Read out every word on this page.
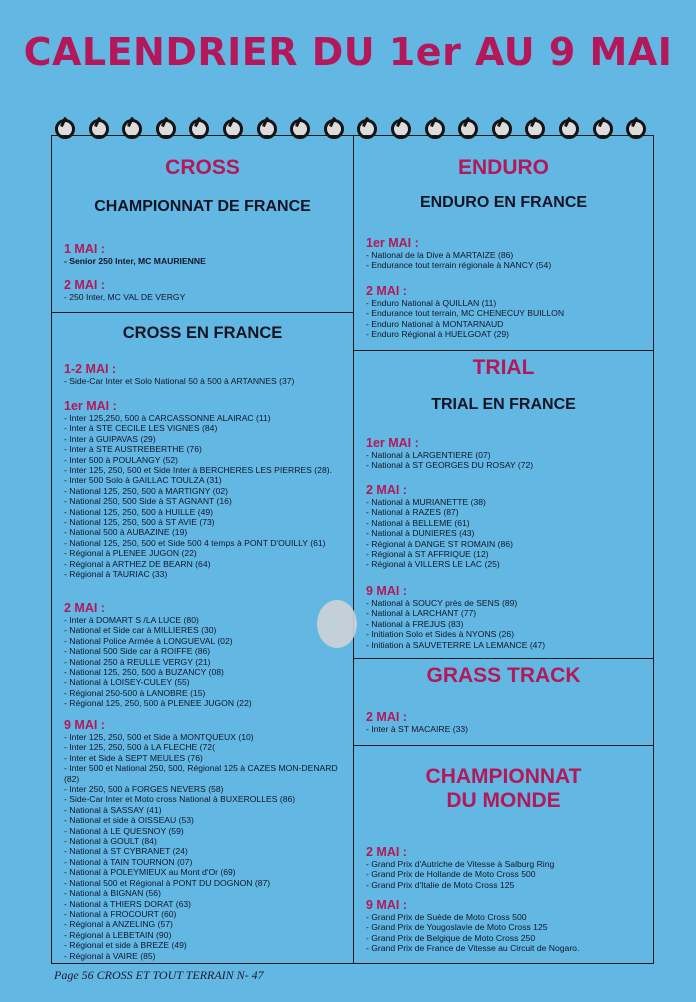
CALENDRIER DU 1er AU 9 MAI
CROSS
CHAMPIONNAT DE FRANCE
1 MAI :
- Senior 250 Inter, MC MAURIENNE
2 MAI :
- 250 Inter, MC VAL DE VERGY
CROSS EN FRANCE
1-2 MAI :
- Side-Car Inter et Solo National 50 à 500 à ARTANNES (37)
1er MAI :
- Inter 125,250, 500 à CARCASSONNE ALAIRAC (11)
- Inter à STE CECILE LES VIGNES (84)
- Inter à GUIPAVAS (29)
- Inter à STE AUSTREBERTHE (76)
- Inter 500 à POULANGY (52)
- Inter 125, 250, 500 et Side Inter à BERCHERES LES PIERRES (28).
- Inter 500 Solo à GAILLAC TOULZA (31)
- National 125, 250, 500 à MARTIGNY (02)
- National 250, 500 Side à ST AGNANT (16)
- National 125, 250, 500 à HUILLE (49)
- National 125, 250, 500 à ST AVIE (73)
- National 500 à AUBAZINE (19)
- National 125, 250, 500 et Side 500 4 temps à PONT D'OUILLY (61)
- Régional à PLENEE JUGON (22)
- Régional à ARTHEZ DE BEARN (64)
- Régional à TAURIAC (33)
2 MAI :
- Inter à DOMART S /LA LUCE (80)
- National et Side car à MILLIERES (30)
- National Police Armée à LONGUEVAL (02)
- National 500 Side car à ROIFFE (86)
- National 250 à REULLE VERGY (21)
- National 125, 250, 500 à BUZANCY (08)
- National à LOISEY-CULEY (55)
- Régional 250-500 à LANOBRE (15)
- Régional 125, 250, 500 à PLENEE JUGON (22)
9 MAI :
- Inter 125, 250, 500 et Side à MONTQUEUX (10)
- Inter 125, 250, 500 à LA FLECHE (72(
- Inter et Side à SEPT MEULES (76)
- Inter 500 et National 250, 500, Régional 125 à CAZES MON-DENARD (82)
- Inter 250, 500 à FORGES NEVERS (58)
- Side-Car Inter et Moto cross National à BUXEROLLES (86)
- National à SASSAY (41)
- National et side à OISSEAU (53)
- National à LE QUESNOY (59)
- National à GOULT (84)
- National à ST CYBRANET (24)
- National à TAIN TOURNON (07)
- National à POLEYMIEUX au Mont d'Or (69)
- National 500 et Régional à PONT DU DOGNON (87)
- National à BIGNAN (56)
- National à THIERS DORAT (63)
- National à FROCOURT (60)
- Régional à ANZELING (57)
- Régional à LEBETAIN (90)
- Régional et side à BREZE (49)
- Régional à VAIRE (85)
ENDURO
ENDURO EN FRANCE
1er MAI :
- National de la Dive à MARTAIZE (86)
- Endurance tout terrain régionale à NANCY (54)
2 MAI :
- Enduro National à QUILLAN (11)
- Endurance tout terrain, MC CHENECUY BUILLON
- Enduro National à MONTARNAUD
- Enduro Régional à HUELGOAT (29)
TRIAL
TRIAL EN FRANCE
1er MAI :
- National à LARGENTIERE (07)
- National à ST GEORGES DU ROSAY (72)
2 MAI :
- National à MURIANETTE (38)
- National à RAZES (87)
- National à BELLEME (61)
- National à DUNIERES (43)
- Régional à DANGE ST ROMAIN (86)
- Régional à ST AFFRIQUE (12)
- Régional à VILLERS LE LAC (25)
9 MAI :
- National à SOUCY près de SENS (89)
- National à LARCHANT (77)
- National à FREJUS (83)
- Initiation Solo et Sides à NYONS (26)
- Initiation à SAUVETERRE LA LEMANCE (47)
GRASS TRACK
2 MAI :
- Inter à ST MACAIRE (33)
CHAMPIONNAT
DU MONDE
2 MAI :
- Grand Prix d'Autriche de Vitesse à Salburg Ring
- Grand Prix de Hollande de Moto Cross 500
- Grand Prix d'Italie de Moto Cross 125
9 MAI :
- Grand Prix de Suède de Moto Cross 500
- Grand Prix de Yougoslavie de Moto Cross 125
- Grand Prix de Belgique de Moto Cross 250
- Grand Prix de France de Vitesse au Circuit de Nogaro.
Page 56 CROSS ET TOUT TERRAIN N- 47
